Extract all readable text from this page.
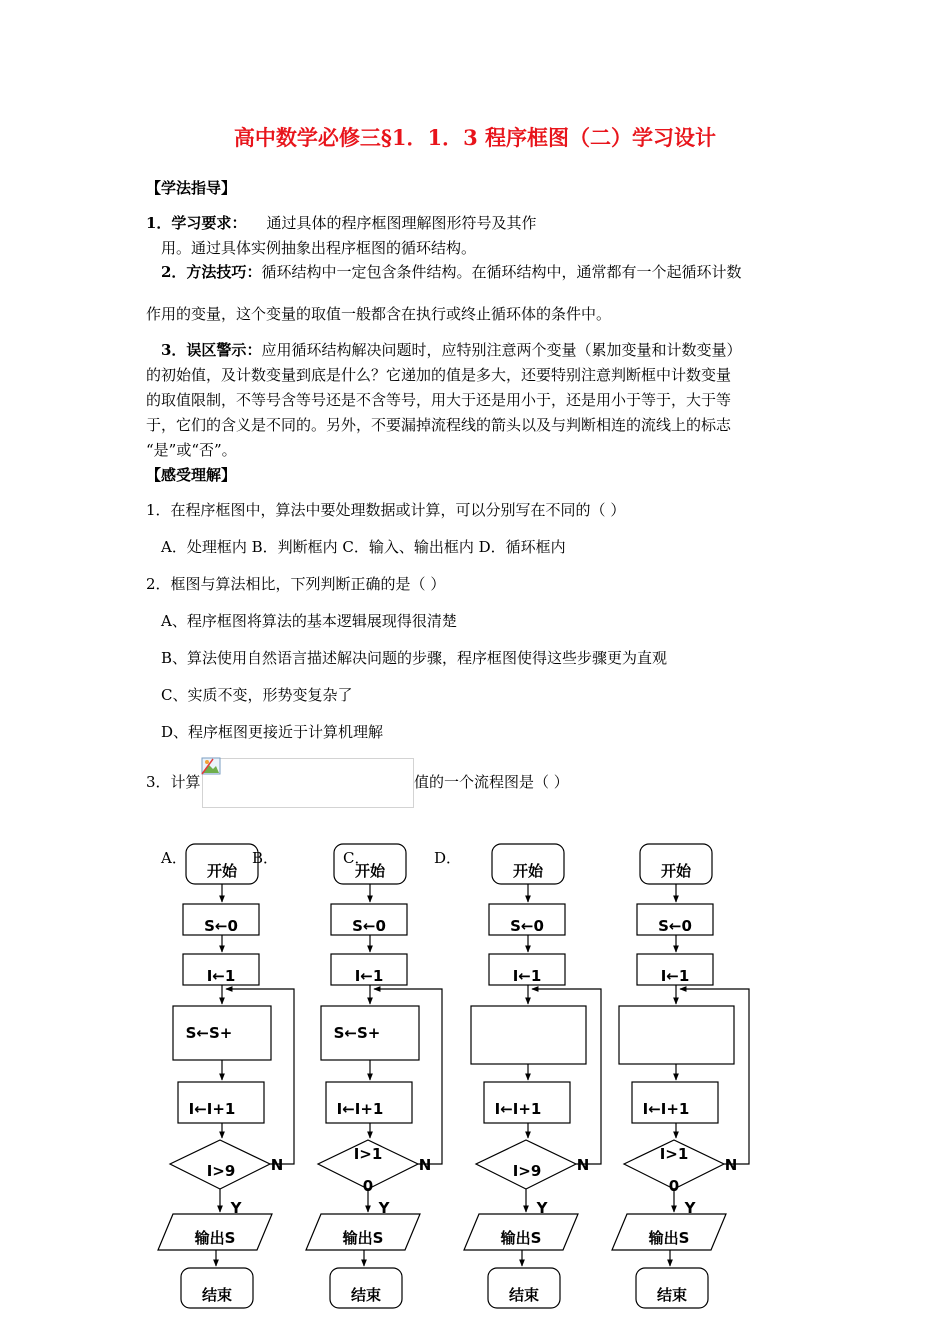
高中数学必修三§1．1．3 程序框图（二）学习设计
【学法指导】
1．学习要求： 通过具体的程序框图理解图形符号及其作
用。通过具体实例抽象出程序框图的循环结构。
2．方法技巧：循环结构中一定包含条件结构。在循环结构中，通常都有一个起循环计数
作用的变量，这个变量的取值一般都含在执行或终止循环体的条件中。
3．误区警示：应用循环结构解决问题时，应特别注意两个变量（累加变量和计数变量）
的初始值，及计数变量到底是什么？它递加的值是多大，还要特别注意判断框中计数变量
的取值限制，不等号含等号还是不含等号，用大于还是用小于，还是用小于等于，大于等
于，它们的含义是不同的。另外，不要漏掉流程线的箭头以及与判断相连的流线上的标志
“是”或“否”。
【感受理解】
1．在程序框图中，算法中要处理数据或计算，可以分别写在不同的（ ）
A．处理框内 B．判断框内 C．输入、输出框内 D．循环框内
2．框图与算法相比，下列判断正确的是（ ）
A、程序框图将算法的基本逻辑展现得很清楚
B、算法使用自然语言描述解决问题的步骤，程序框图使得这些步骤更为直观
C、实质不变，形势变复杂了
D、程序框图更接近于计算机理解
3．计算	值的一个流程图是（ ）
A．	B．	C．	D．
开始
S←0
I←1
S←S+
I←I+1
I>9 N
Y
输出S
结束
开始
S←0
I←1
S←S+
I←I+1
I>1
0
N
Y
输出S
结束
开始
S←0
I←1
I←I+1
I>9 N
Y
输出S
结束
开始
S←0
I←1
I←I+1
I>1
0
N
Y
输出S
结束
